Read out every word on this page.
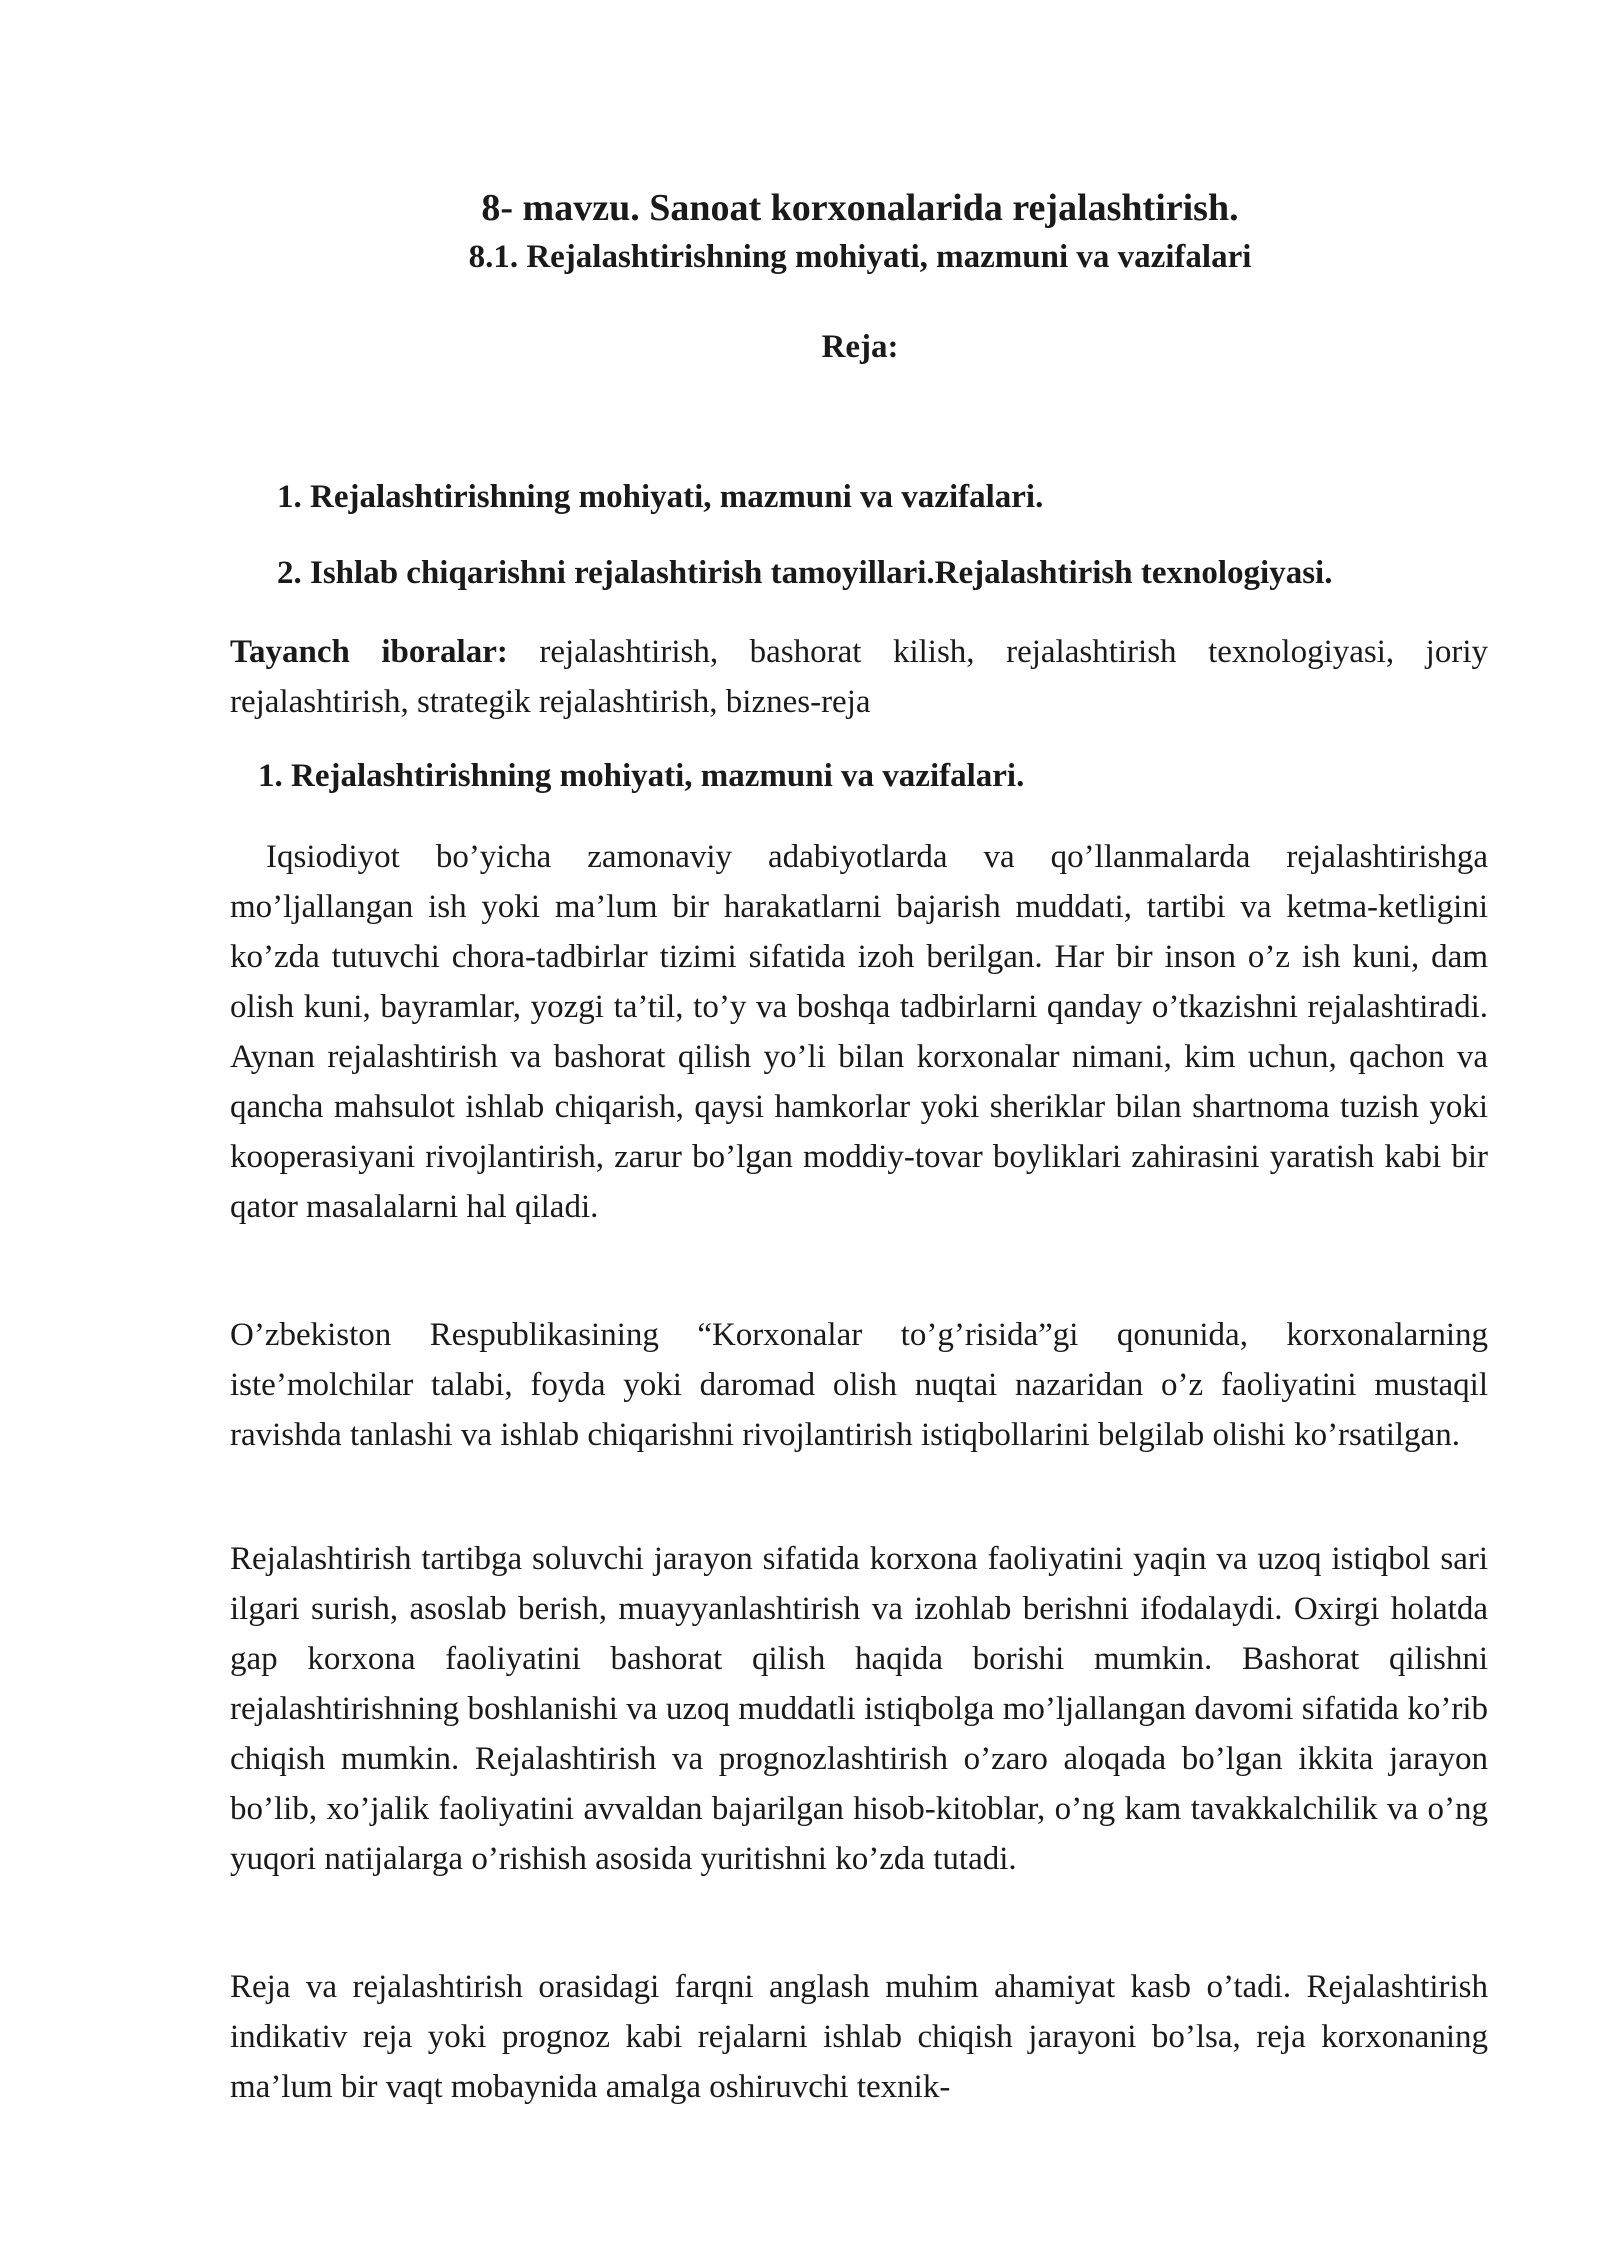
8- mavzu. Sanoat korxonalarida rejalashtirish.
8.1. Rejalashtirishning mohiyati, mazmuni va vazifalari
Reja:

1. Rejalashtirishning mohiyati, mazmuni va vazifalari.

2. Ishlab chiqarishni rejalashtirish tamoyillari.Rejalashtirish texnologiyasi.

Tayanch iboralar: rejalashtirish, bashorat kilish, rejalashtirish texnologiyasi, joriy rejalashtirish, strategik rejalashtirish, biznes-reja

1. Rejalashtirishning mohiyati, mazmuni va vazifalari.

Iqsiodiyot bo’yicha zamonaviy adabiyotlarda va qo’llanmalarda rejalashtirishga mo’ljallangan ish yoki ma’lum bir harakatlarni bajarish muddati, tartibi va ketma-ketligini ko’zda tutuvchi chora-tadbirlar tizimi sifatida izoh berilgan. Har bir inson o’z ish kuni, dam olish kuni, bayramlar, yozgi ta’til, to’y va boshqa tadbirlarni qanday o’tkazishni rejalashtiradi. Aynan rejalashtirish va bashorat qilish yo’li bilan korxonalar nimani, kim uchun, qachon va qancha mahsulot ishlab chiqarish, qaysi hamkorlar yoki sheriklar bilan shartnoma tuzish yoki kooperasiyani rivojlantirish, zarur bo’lgan moddiy-tovar boyliklari zahirasini yaratish kabi bir qator masalalarni hal qiladi.

O’zbekiston Respublikasining “Korxonalar to’g’risida”gi qonunida, korxonalarning iste’molchilar talabi, foyda yoki daromad olish nuqtai nazaridan o’z faoliyatini mustaqil ravishda tanlashi va ishlab chiqarishni rivojlantirish istiqbollarini belgilab olishi ko’rsatilgan.

Rejalashtirish tartibga soluvchi jarayon sifatida korxona faoliyatini yaqin va uzoq istiqbol sari ilgari surish, asoslab berish, muayyanlashtirish va izohlab berishni ifodalaydi. Oxirgi holatda gap korxona faoliyatini bashorat qilish haqida borishi mumkin. Bashorat qilishni rejalashtirishning boshlanishi va uzoq muddatli istiqbolga mo’ljallangan davomi sifatida ko’rib chiqish mumkin. Rejalashtirish va prognozlashtirish o’zaro aloqada bo’lgan ikkita jarayon bo’lib, xo’jalik faoliyatini avvaldan bajarilgan hisob-kitoblar, o’ng kam tavakkalchilik va o’ng yuqori natijalarga o’rishish asosida yuritishni ko’zda tutadi.

Reja va rejalashtirish orasidagi farqni anglash muhim ahamiyat kasb o’tadi. Rejalashtirish indikativ reja yoki prognoz kabi rejalarni ishlab chiqish jarayoni bo’lsa, reja korxonaning ma’lum bir vaqt mobaynida amalga oshiruvchi texnik-
